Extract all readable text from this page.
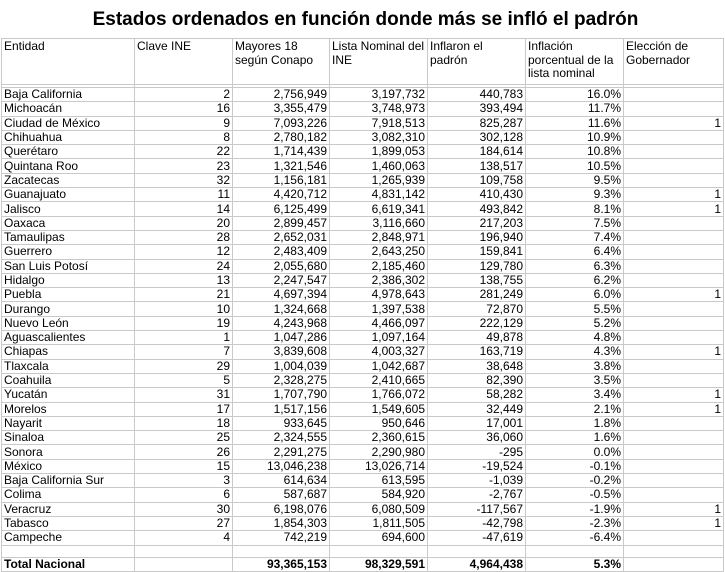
Estados ordenados en función donde más se infló el padrón
Entidad	Clave INE	Mayores 18 según Conapo	Lista Nominal del INE	Inflaron el padrón	Inflación porcentual de la lista nominal	Elección de Gobernador

Baja California	2	2,756,949	3,197,732	440,783	16.0%	
Michoacán	16	3,355,479	3,748,973	393,494	11.7%	
Ciudad de México	9	7,093,226	7,918,513	825,287	11.6%	1
Chihuahua	8	2,780,182	3,082,310	302,128	10.9%	
Querétaro	22	1,714,439	1,899,053	184,614	10.8%	
Quintana Roo	23	1,321,546	1,460,063	138,517	10.5%	
Zacatecas	32	1,156,181	1,265,939	109,758	9.5%	
Guanajuato	11	4,420,712	4,831,142	410,430	9.3%	1
Jalisco	14	6,125,499	6,619,341	493,842	8.1%	1
Oaxaca	20	2,899,457	3,116,660	217,203	7.5%	
Tamaulipas	28	2,652,031	2,848,971	196,940	7.4%	
Guerrero	12	2,483,409	2,643,250	159,841	6.4%	
San Luis Potosí	24	2,055,680	2,185,460	129,780	6.3%	
Hidalgo	13	2,247,547	2,386,302	138,755	6.2%	
Puebla	21	4,697,394	4,978,643	281,249	6.0%	1
Durango	10	1,324,668	1,397,538	72,870	5.5%	
Nuevo León	19	4,243,968	4,466,097	222,129	5.2%	
Aguascalientes	1	1,047,286	1,097,164	49,878	4.8%	
Chiapas	7	3,839,608	4,003,327	163,719	4.3%	1
Tlaxcala	29	1,004,039	1,042,687	38,648	3.8%	
Coahuila	5	2,328,275	2,410,665	82,390	3.5%	
Yucatán	31	1,707,790	1,766,072	58,282	3.4%	1
Morelos	17	1,517,156	1,549,605	32,449	2.1%	1
Nayarit	18	933,645	950,646	17,001	1.8%	
Sinaloa	25	2,324,555	2,360,615	36,060	1.6%	
Sonora	26	2,291,275	2,290,980	-295	0.0%	
México	15	13,046,238	13,026,714	-19,524	-0.1%	
Baja California Sur	3	614,634	613,595	-1,039	-0.2%	
Colima	6	587,687	584,920	-2,767	-0.5%	
Veracruz	30	6,198,076	6,080,509	-117,567	-1.9%	1
Tabasco	27	1,854,303	1,811,505	-42,798	-2.3%	1
Campeche	4	742,219	694,600	-47,619	-6.4%	

Total Nacional		93,365,153	98,329,591	4,964,438	5.3%	
